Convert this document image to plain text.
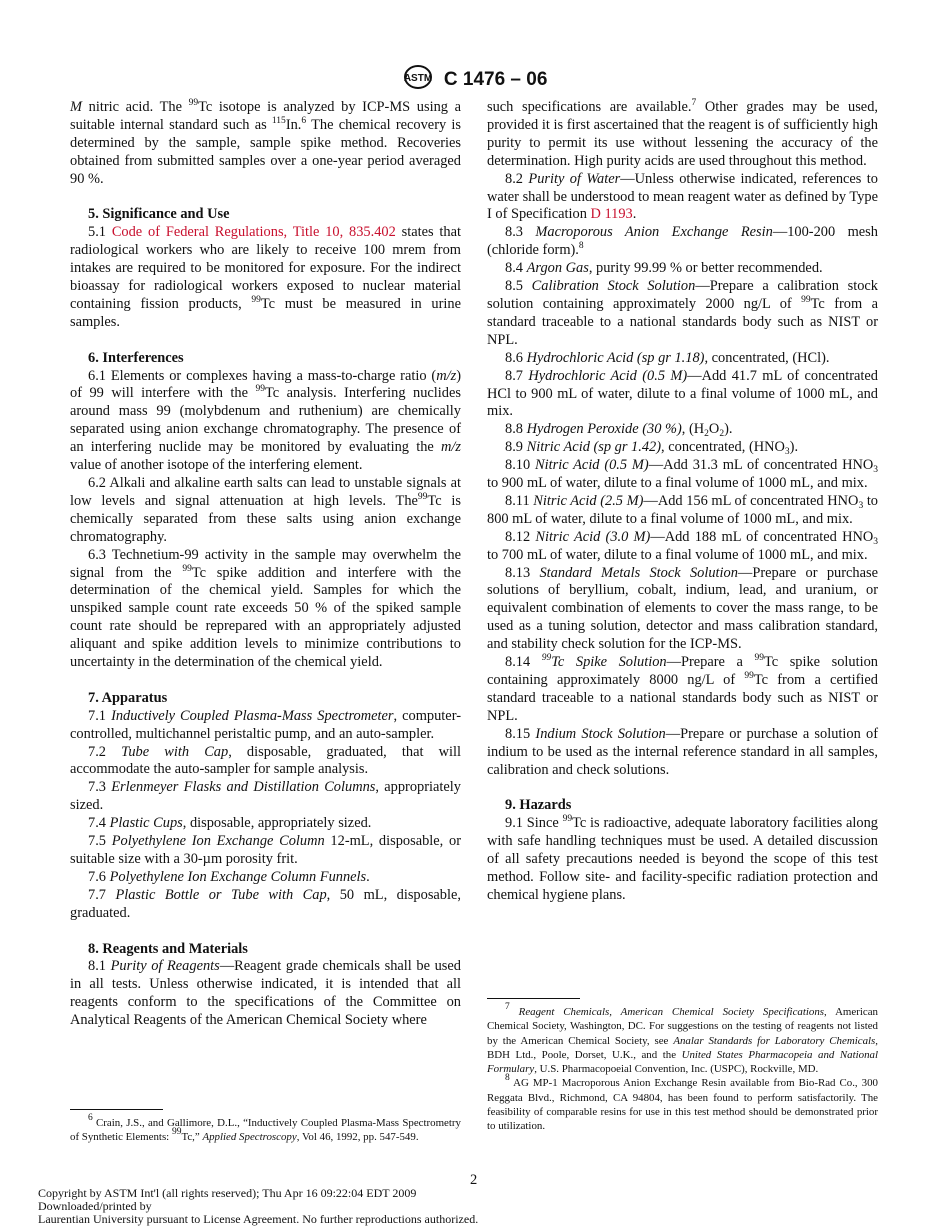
ASTM C 1476 – 06

M nitric acid. The $^{99}$Tc isotope is analyzed by ICP-MS using a suitable internal standard such as $^{115}$In.$^6$ The chemical recovery is determined by the sample, sample spike method. Recoveries obtained from submitted samples over a one-year period averaged 90 %.

5. Significance and Use

5.1 Code of Federal Regulations, Title 10, 835.402 states that radiological workers who are likely to receive 100 mrem from intakes are required to be monitored for exposure. For the indirect bioassay for radiological workers exposed to nuclear material containing fission products, $^{99}$Tc must be measured in urine samples.

6. Interferences

6.1 Elements or complexes having a mass-to-charge ratio (m/z) of 99 will interfere with the $^{99}$Tc analysis. Interfering nuclides around mass 99 (molybdenum and ruthenium) are chemically separated using anion exchange chromatography. The presence of an interfering nuclide may be monitored by evaluating the m/z value of another isotope of the interfering element.

6.2 Alkali and alkaline earth salts can lead to unstable signals at low levels and signal attenuation at high levels. The$^{99}$Tc is chemically separated from these salts using anion exchange chromatography.

6.3 Technetium-99 activity in the sample may overwhelm the signal from the $^{99}$Tc spike addition and interfere with the determination of the chemical yield. Samples for which the unspiked sample count rate exceeds 50 % of the spiked sample count rate should be reprepared with an appropriately adjusted aliquant and spike addition levels to minimize contributions to uncertainty in the determination of the chemical yield.

7. Apparatus

7.1 Inductively Coupled Plasma-Mass Spectrometer, computer-controlled, multichannel peristaltic pump, and an auto-sampler.

7.2 Tube with Cap, disposable, graduated, that will accommodate the auto-sampler for sample analysis.

7.3 Erlenmeyer Flasks and Distillation Columns, appropriately sized.

7.4 Plastic Cups, disposable, appropriately sized.

7.5 Polyethylene Ion Exchange Column 12-mL, disposable, or suitable size with a 30-µm porosity frit.

7.6 Polyethylene Ion Exchange Column Funnels.

7.7 Plastic Bottle or Tube with Cap, 50 mL, disposable, graduated.

8. Reagents and Materials

8.1 Purity of Reagents—Reagent grade chemicals shall be used in all tests. Unless otherwise indicated, it is intended that all reagents conform to the specifications of the Committee on Analytical Reagents of the American Chemical Society where

such specifications are available.$^7$ Other grades may be used, provided it is first ascertained that the reagent is of sufficiently high purity to permit its use without lessening the accuracy of the determination. High purity acids are used throughout this method.

8.2 Purity of Water—Unless otherwise indicated, references to water shall be understood to mean reagent water as defined by Type I of Specification D 1193.

8.3 Macroporous Anion Exchange Resin—100-200 mesh (chloride form).$^8$

8.4 Argon Gas, purity 99.99 % or better recommended.

8.5 Calibration Stock Solution—Prepare a calibration stock solution containing approximately 2000 ng/L of $^{99}$Tc from a standard traceable to a national standards body such as NIST or NPL.

8.6 Hydrochloric Acid (sp gr 1.18), concentrated, (HCl).

8.7 Hydrochloric Acid (0.5 M)—Add 41.7 mL of concentrated HCl to 900 mL of water, dilute to a final volume of 1000 mL, and mix.

8.8 Hydrogen Peroxide (30 %), $(H_2O_2)$.

8.9 Nitric Acid (sp gr 1.42), concentrated, $(HNO_3)$.

8.10 Nitric Acid (0.5 M)—Add 31.3 mL of concentrated $HNO_3$ to 900 mL of water, dilute to a final volume of 1000 mL, and mix.

8.11 Nitric Acid (2.5 M)—Add 156 mL of concentrated $HNO_3$ to 800 mL of water, dilute to a final volume of 1000 mL, and mix.

8.12 Nitric Acid (3.0 M)—Add 188 mL of concentrated $HNO_3$ to 700 mL of water, dilute to a final volume of 1000 mL, and mix.

8.13 Standard Metals Stock Solution—Prepare or purchase solutions of beryllium, cobalt, indium, lead, and uranium, or equivalent combination of elements to cover the mass range, to be used as a tuning solution, detector and mass calibration standard, and stability check solution for the ICP-MS.

8.14 $^{99}$Tc Spike Solution—Prepare a $^{99}$Tc spike solution containing approximately 8000 ng/L of $^{99}$Tc from a certified standard traceable to a national standards body such as NIST or NPL.

8.15 Indium Stock Solution—Prepare or purchase a solution of indium to be used as the internal reference standard in all samples, calibration and check solutions.

9. Hazards

9.1 Since $^{99}$Tc is radioactive, adequate laboratory facilities along with safe handling techniques must be used. A detailed discussion of all safety precautions needed is beyond the scope of this test method. Follow site- and facility-specific radiation protection and chemical hygiene plans.

$^6$ Crain, J.S., and Gallimore, D.L., “Inductively Coupled Plasma-Mass Spectrometry of Synthetic Elements: $^{99}$Tc,” Applied Spectroscopy, Vol 46, 1992, pp. 547-549.

$^7$ Reagent Chemicals, American Chemical Society Specifications, American Chemical Society, Washington, DC. For suggestions on the testing of reagents not listed by the American Chemical Society, see Analar Standards for Laboratory Chemicals, BDH Ltd., Poole, Dorset, U.K., and the United States Pharmacopeia and National Formulary, U.S. Pharmacopoeial Convention, Inc. (USPC), Rockville, MD.

$^8$ AG MP-1 Macroporous Anion Exchange Resin available from Bio-Rad Co., 300 Reggata Blvd., Richmond, CA 94804, has been found to perform satisfactorily. The feasibility of comparable resins for use in this test method should be demonstrated prior to utilization.

2
Copyright by ASTM Int'l (all rights reserved); Thu Apr 16 09:22:04 EDT 2009
Downloaded/printed by
Laurentian University pursuant to License Agreement. No further reproductions authorized.
